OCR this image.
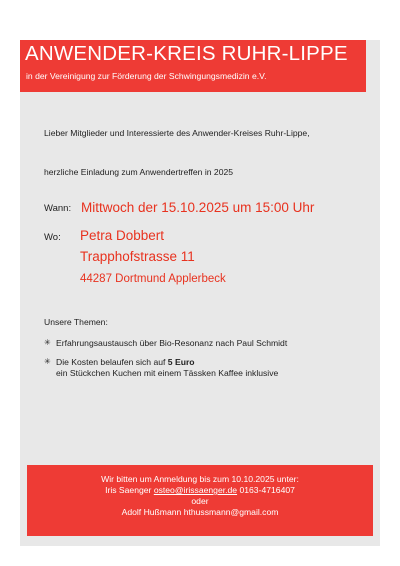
ANWENDER-KREIS RUHR-LIPPE
in der Vereinigung zur Förderung der Schwingungsmedizin e.V.
Lieber Mitglieder und Interessierte des Anwender-Kreises Ruhr-Lippe,
herzliche Einladung zum Anwendertreffen in 2025
Wann: Mittwoch der 15.10.2025 um 15:00 Uhr
Wo: Petra Dobbert
Trapphofstrasse 11
44287 Dortmund Applerbeck
Unsere Themen:
✳ Erfahrungsaustausch über Bio-Resonanz nach Paul Schmidt
✳ Die Kosten belaufen sich auf 5 Euro
ein Stückchen Kuchen mit einem Tässken Kaffee inklusive
Wir bitten um Anmeldung bis zum 10.10.2025 unter:
Iris Saenger osteo@irissaenger.de 0163-4716407
oder
Adolf Hußmann hthussmann@gmail.com
